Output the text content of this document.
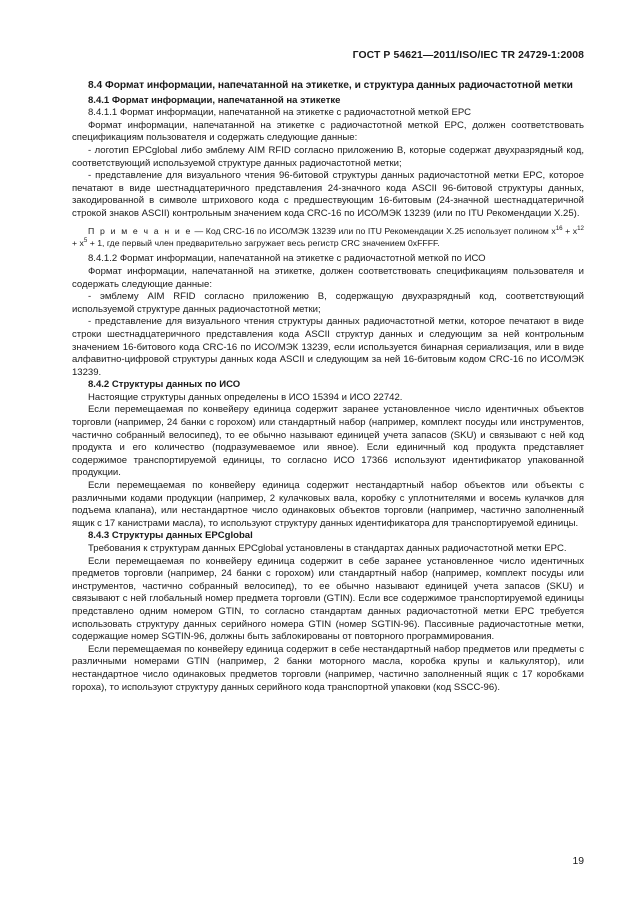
ГОСТ Р 54621—2011/ISO/IEC TR 24729-1:2008

8.4 Формат информации, напечатанной на этикетке, и структура данных радиочастотной метки

8.4.1 Формат информации, напечатанной на этикетке

8.4.1.1 Формат информации, напечатанной на этикетке с радиочастотной меткой EPC

Формат информации, напечатанной на этикетке с радиочастотной меткой EPC, должен соответствовать спецификациям пользователя и содержать следующие данные:

- логотип EPCglobal либо эмблему AIM RFID согласно приложению В, которые содержат двухразрядный код, соответствующий используемой структуре данных радиочастотной метки;

- представление для визуального чтения 96-битовой структуры данных радиочастотной метки EPC, которое печатают в виде шестнадцатеричного представления 24-значного кода ASCII 96-битовой структуры данных, закодированной в символе штрихового кода с предшествующим 16-битовым (24-значной шестнадцатеричной строкой знаков ASCII) контрольным значением кода CRC-16 по ИСО/МЭК 13239 (или по ITU Рекомендации X.25).

П р и м е ч а н и е — Код CRC-16 по ИСО/МЭК 13239 или по ITU Рекомендации X.25 использует полином $x^{16} + x^{12} + x^5 + 1$, где первый член предварительно загружает весь регистр CRC значением 0xFFFF.

8.4.1.2 Формат информации, напечатанной на этикетке с радиочастотной меткой по ИСО

Формат информации, напечатанной на этикетке, должен соответствовать спецификациям пользователя и содержать следующие данные:

- эмблему AIM RFID согласно приложению В, содержащую двухразрядный код, соответствующий используемой структуре данных радиочастотной метки;

- представление для визуального чтения структуры данных радиочастотной метки, которое печатают в виде строки шестнадцатеричного представления кода ASCII структур данных и следующим за ней контрольным значением 16-битового кода CRC-16 по ИСО/МЭК 13239, если используется бинарная сериализация, или в виде алфавитно-цифровой структуры данных кода ASCII и следующим за ней 16-битовым кодом CRC-16 по ИСО/МЭК 13239.

8.4.2 Структуры данных по ИСО

Настоящие структуры данных определены в ИСО 15394 и ИСО 22742.

Если перемещаемая по конвейеру единица содержит заранее установленное число идентичных объектов торговли (например, 24 банки с горохом) или стандартный набор (например, комплект посуды или инструментов, частично собранный велосипед), то ее обычно называют единицей учета запасов (SKU) и связывают с ней код продукта и его количество (подразумеваемое или явное). Если единичный код продукта представляет содержимое транспортируемой единицы, то согласно ИСО 17366 используют идентификатор упакованной продукции.

Если перемещаемая по конвейеру единица содержит нестандартный набор объектов или объекты с различными кодами продукции (например, 2 кулачковых вала, коробку с уплотнителями и восемь кулачков для подъема клапана), или нестандартное число одинаковых объектов торговли (например, частично заполненный ящик с 17 канистрами масла), то используют структуру данных идентификатора для транспортируемой единицы.

8.4.3 Структуры данных EPCglobal

Требования к структурам данных EPCglobal установлены в стандартах данных радиочастотной метки EPC.

Если перемещаемая по конвейеру единица содержит в себе заранее установленное число идентичных предметов торговли (например, 24 банки с горохом) или стандартный набор (например, комплект посуды или инструментов, частично собранный велосипед), то ее обычно называют единицей учета запасов (SKU) и связывают с ней глобальный номер предмета торговли (GTIN). Если все содержимое транспортируемой единицы представлено одним номером GTIN, то согласно стандартам данных радиочастотной метки EPC требуется использовать структуру данных серийного номера GTIN (номер SGTIN-96). Пассивные радиочастотные метки, содержащие номер SGTIN-96, должны быть заблокированы от повторного программирования.

Если перемещаемая по конвейеру единица содержит в себе нестандартный набор предметов или предметы с различными номерами GTIN (например, 2 банки моторного масла, коробка крупы и калькулятор), или нестандартное число одинаковых предметов торговли (например, частично заполненный ящик с 17 коробками гороха), то используют структуру данных серийного кода транспортной упаковки (код SSCC-96).

19
